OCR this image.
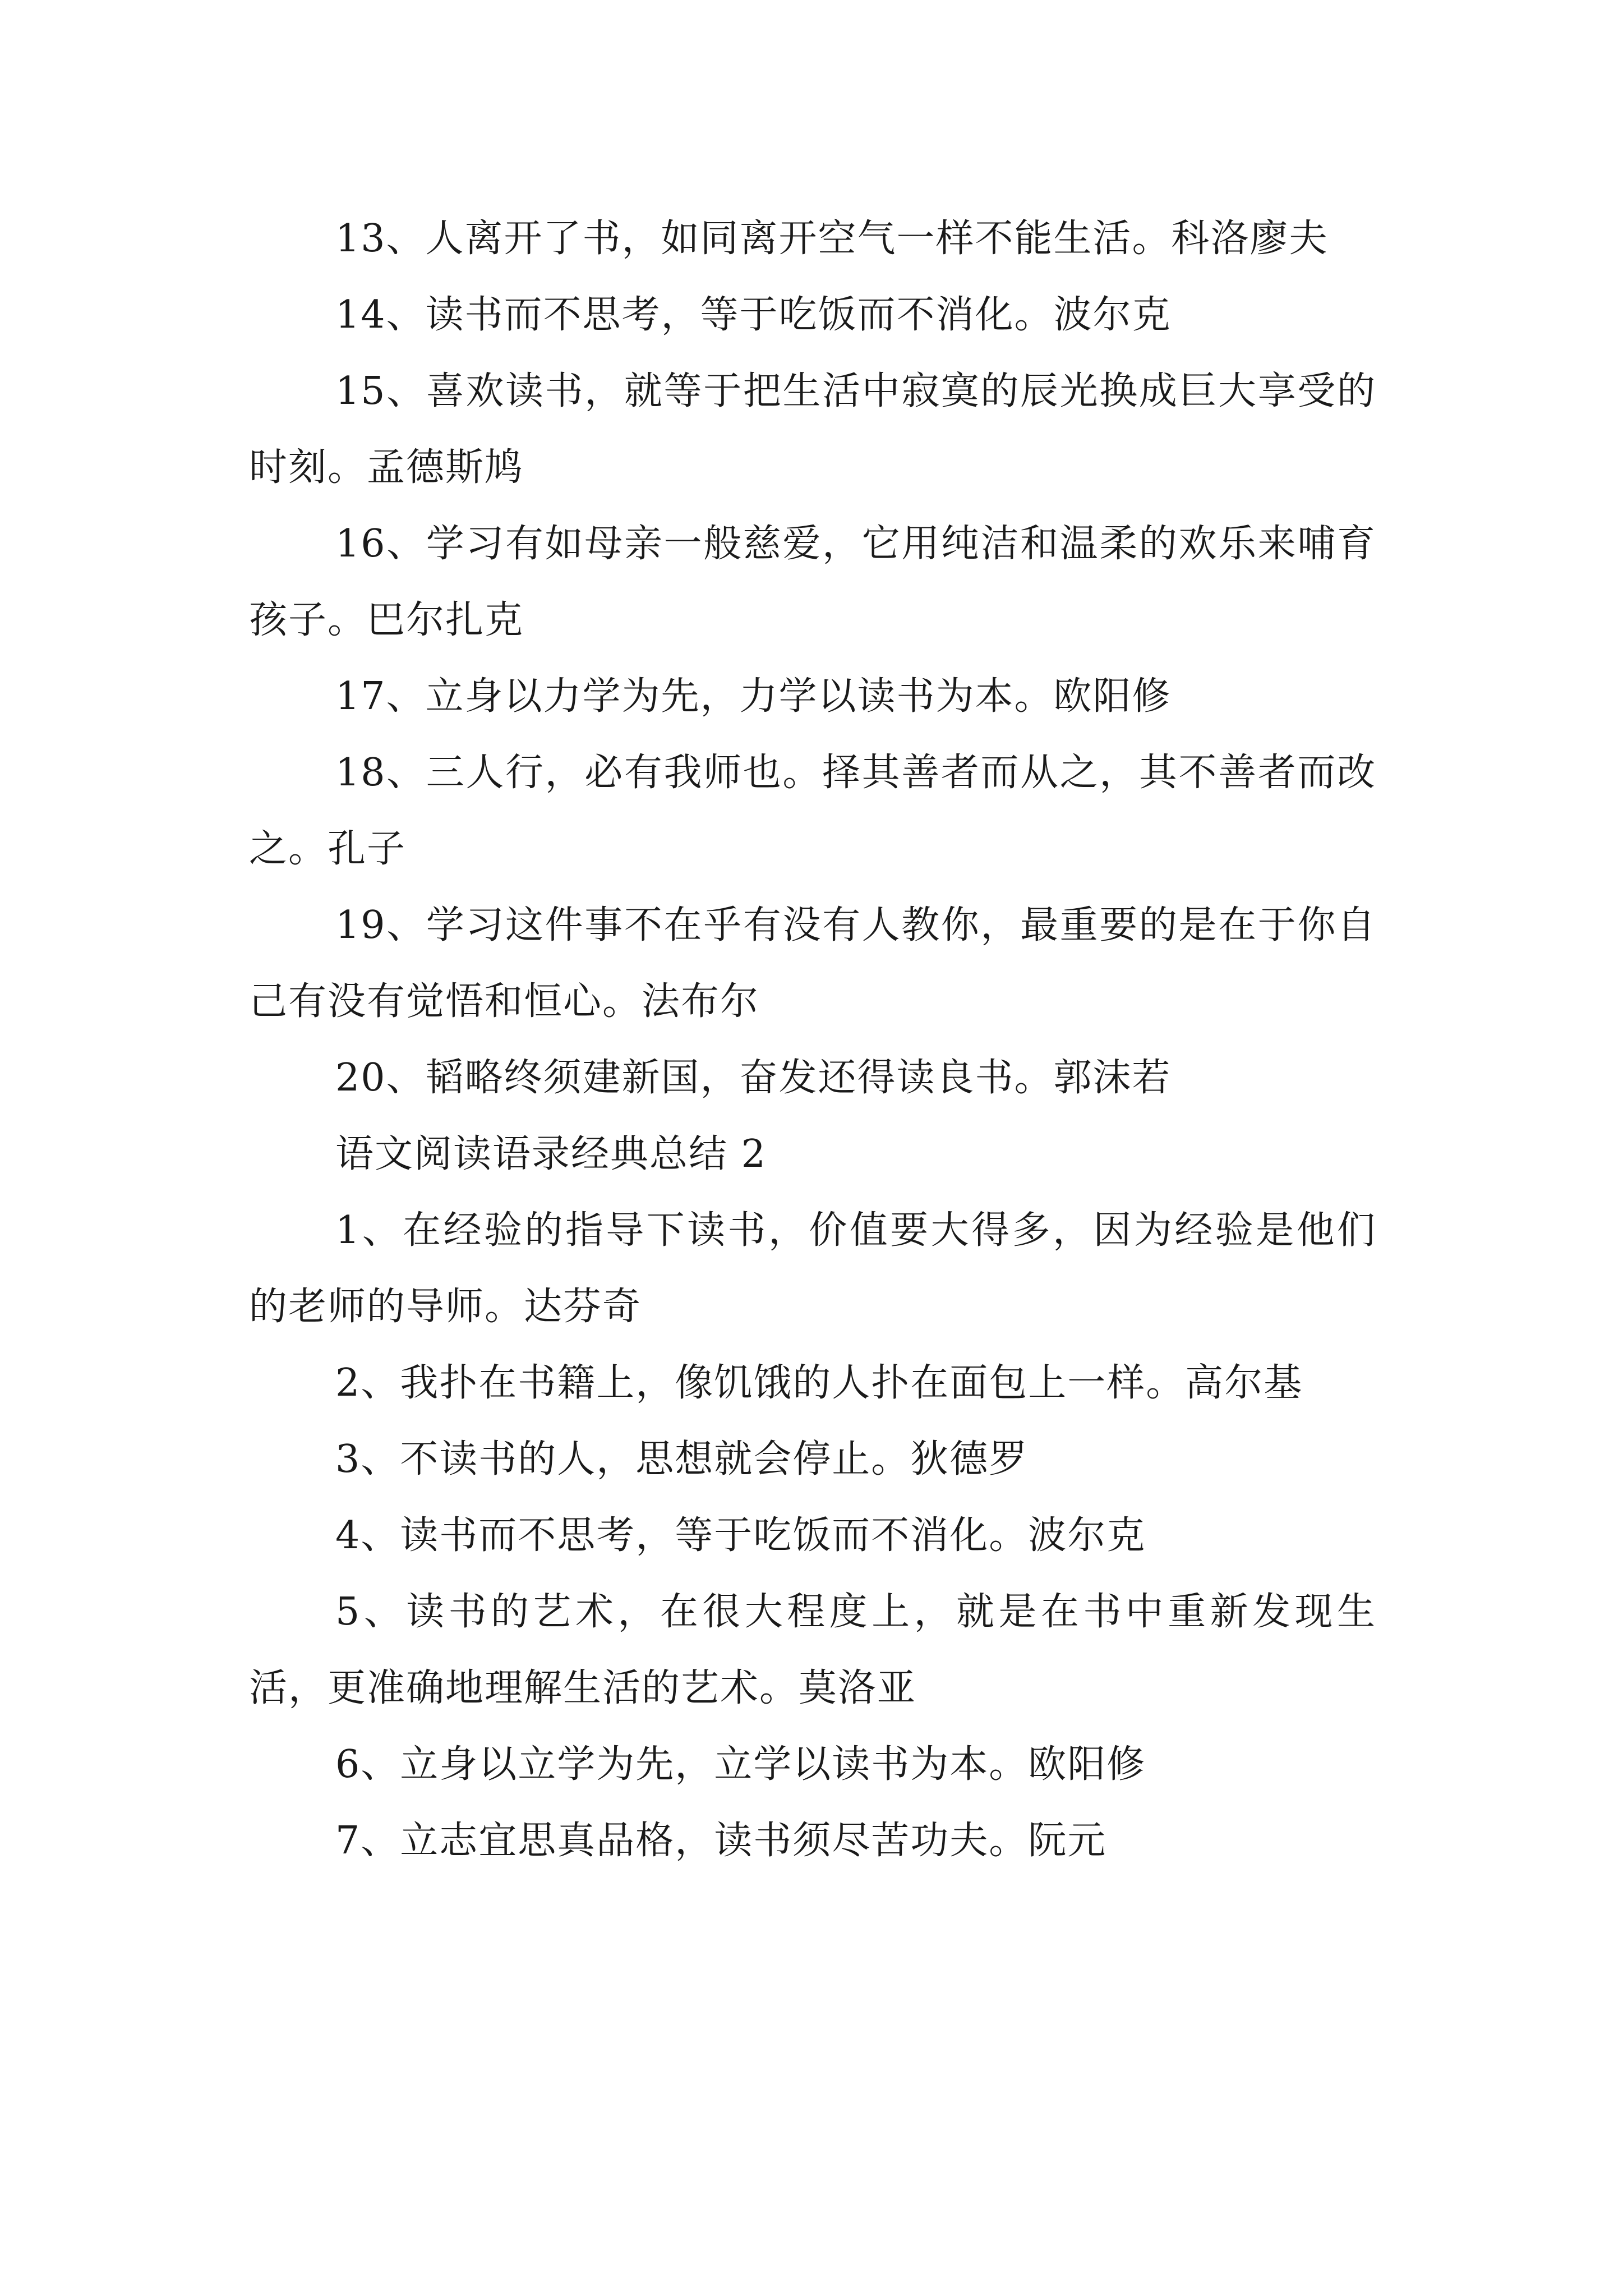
13、人离开了书，如同离开空气一样不能生活。科洛廖夫

14、读书而不思考，等于吃饭而不消化。波尔克

15、喜欢读书，就等于把生活中寂寞的辰光换成巨大享受的时刻。孟德斯鸠

16、学习有如母亲一般慈爱，它用纯洁和温柔的欢乐来哺育孩子。巴尔扎克

17、立身以力学为先，力学以读书为本。欧阳修

18、三人行，必有我师也。择其善者而从之，其不善者而改之。孔子

19、学习这件事不在乎有没有人教你，最重要的是在于你自己有没有觉悟和恒心。法布尔

20、韬略终须建新国，奋发还得读良书。郭沫若

语文阅读语录经典总结 2

1、在经验的指导下读书，价值要大得多，因为经验是他们的老师的导师。达芬奇

2、我扑在书籍上，像饥饿的人扑在面包上一样。高尔基

3、不读书的人，思想就会停止。狄德罗

4、读书而不思考，等于吃饭而不消化。波尔克

5、读书的艺术，在很大程度上，就是在书中重新发现生活，更准确地理解生活的艺术。莫洛亚

6、立身以立学为先，立学以读书为本。欧阳修

7、立志宜思真品格，读书须尽苦功夫。阮元
